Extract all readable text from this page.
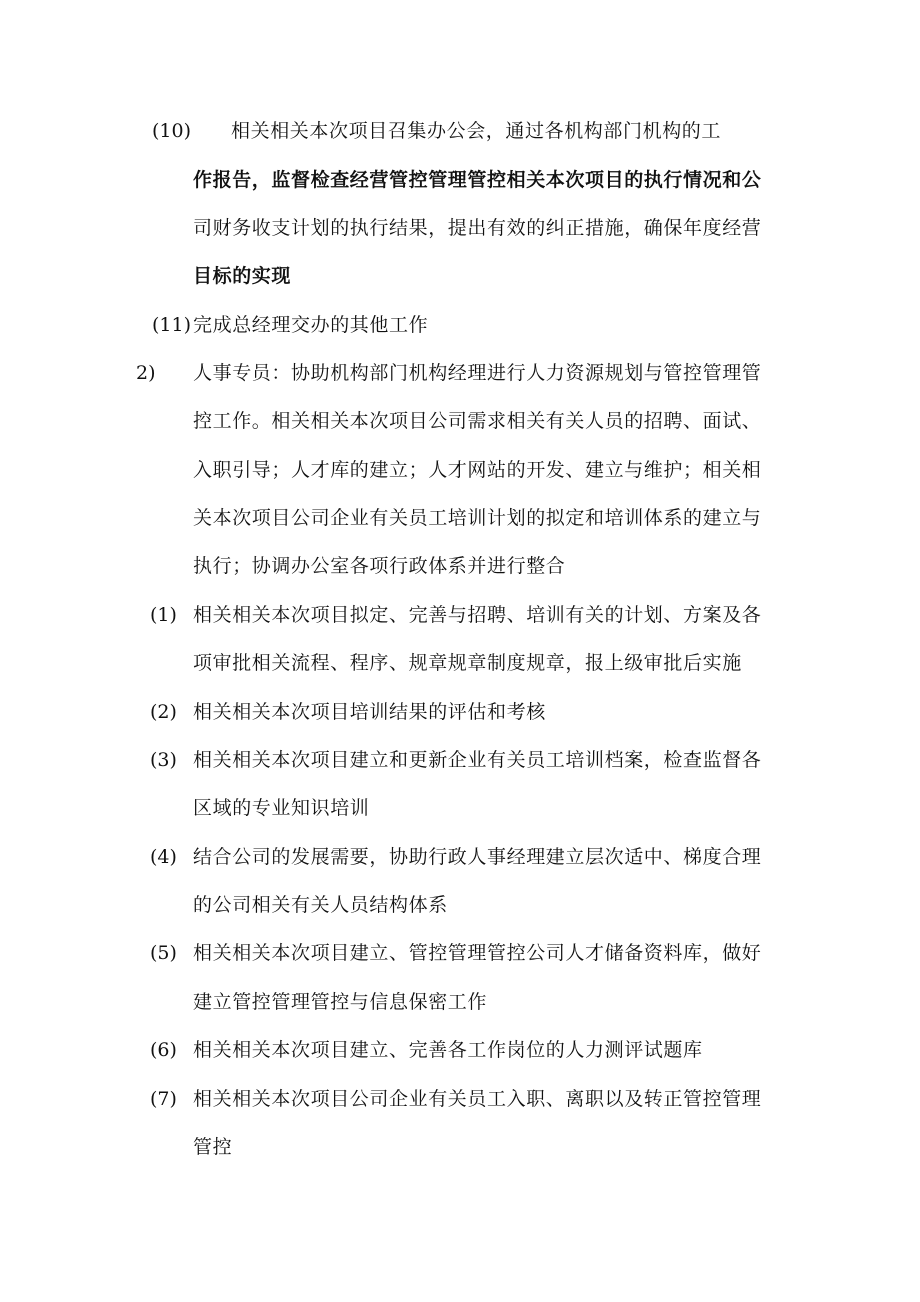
(10) 相关相关本次项目召集办公会，通过各机构部门机构的工
作报告，监督检查经营管控管理管控相关本次项目的执行情况和公
司财务收支计划的执行结果，提出有效的纠正措施，确保年度经营
目标的实现
(11) 完成总经理交办的其他工作
2) 人事专员：协助机构部门机构经理进行人力资源规划与管控管理管
控工作。相关相关本次项目公司需求相关有关人员的招聘、面试、
入职引导；人才库的建立；人才网站的开发、建立与维护；相关相
关本次项目公司企业有关员工培训计划的拟定和培训体系的建立与
执行；协调办公室各项行政体系并进行整合
(1) 相关相关本次项目拟定、完善与招聘、培训有关的计划、方案及各
项审批相关流程、程序、规章规章制度规章，报上级审批后实施
(2) 相关相关本次项目培训结果的评估和考核
(3) 相关相关本次项目建立和更新企业有关员工培训档案，检查监督各
区域的专业知识培训
(4) 结合公司的发展需要，协助行政人事经理建立层次适中、梯度合理
的公司相关有关人员结构体系
(5) 相关相关本次项目建立、管控管理管控公司人才储备资料库，做好
建立管控管理管控与信息保密工作
(6) 相关相关本次项目建立、完善各工作岗位的人力测评试题库
(7) 相关相关本次项目公司企业有关员工入职、离职以及转正管控管理
管控
